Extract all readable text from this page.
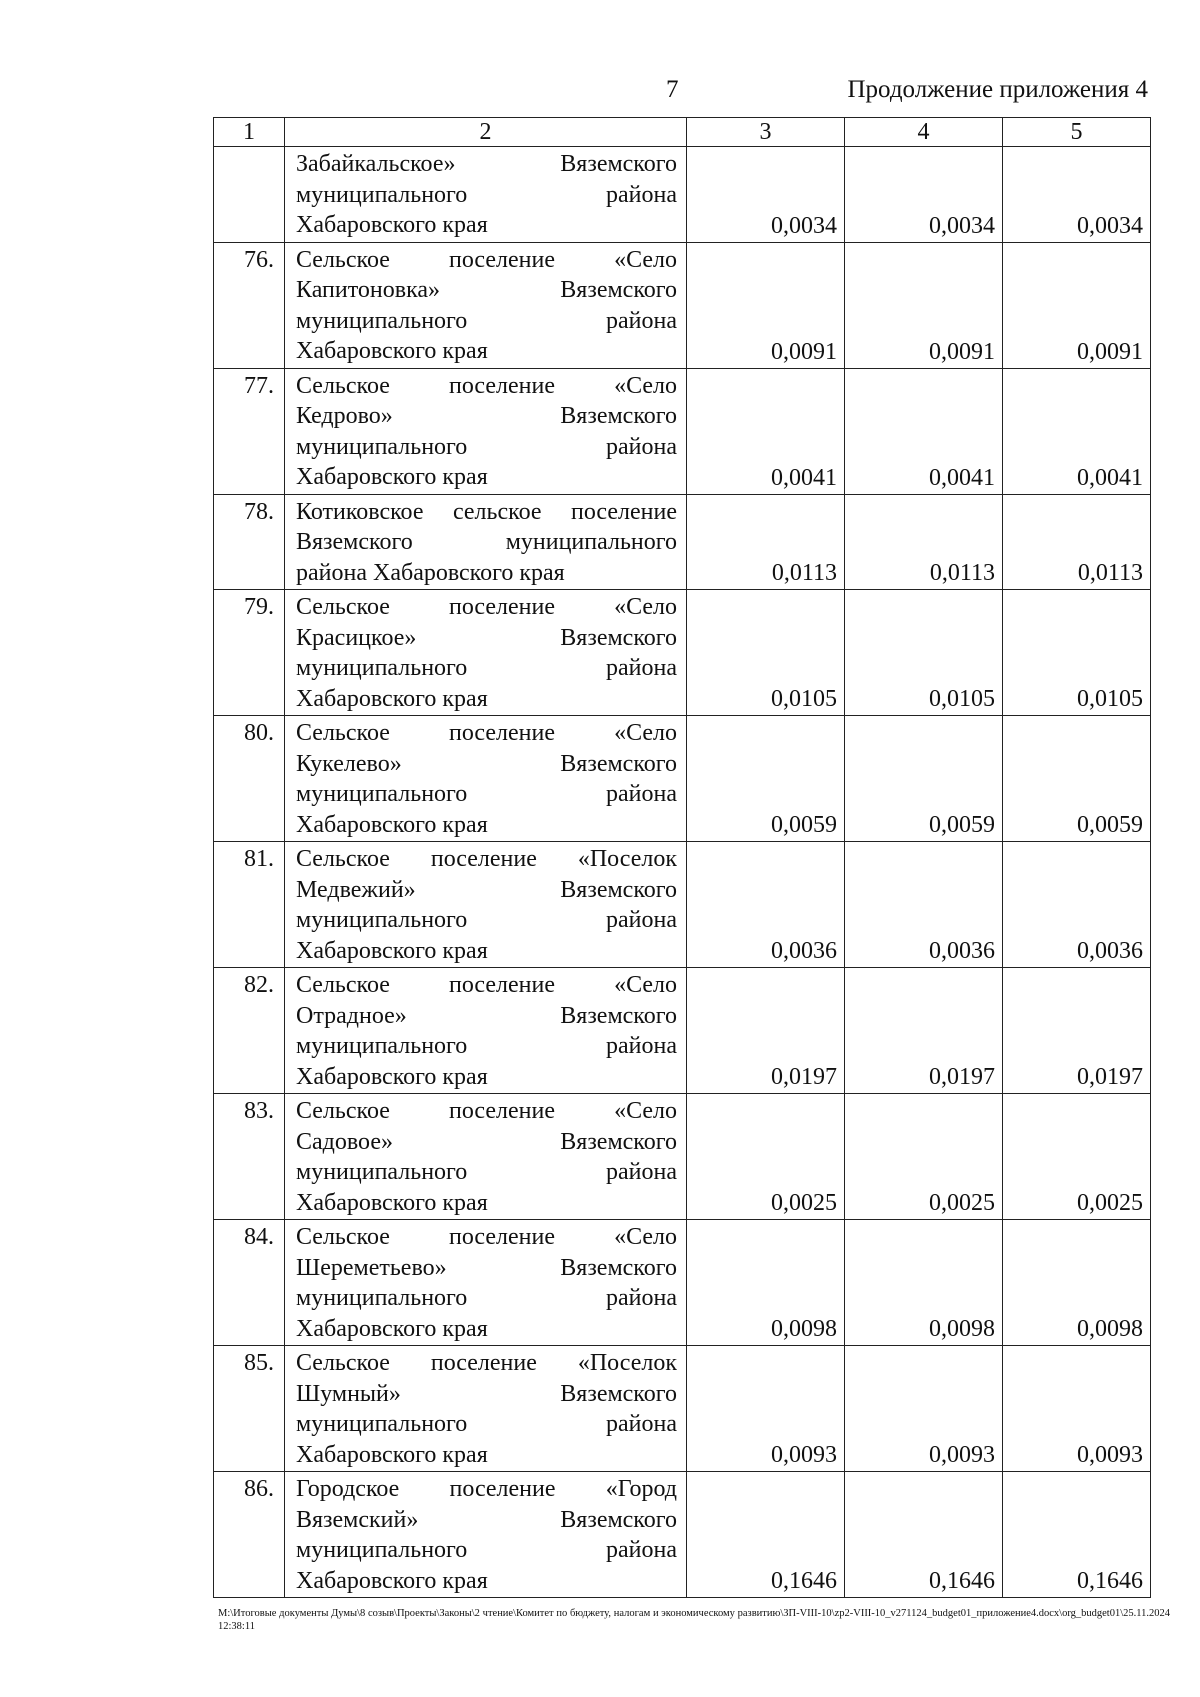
7	Продолжение приложения 4
1	2	3	4	5

	Забайкальское» Вяземского
муниципального района
Хабаровского края	0,0034	0,0034	0,0034
76.	Сельское поселение «Село
Капитоновка» Вяземского
муниципального района
Хабаровского края	0,0091	0,0091	0,0091
77.	Сельское поселение «Село
Кедрово» Вяземского
муниципального района
Хабаровского края	0,0041	0,0041	0,0041
78.	Котиковское сельское поселение
Вяземского муниципального
района Хабаровского края	0,0113	0,0113	0,0113
79.	Сельское поселение «Село
Красицкое» Вяземского
муниципального района
Хабаровского края	0,0105	0,0105	0,0105
80.	Сельское поселение «Село
Кукелево» Вяземского
муниципального района
Хабаровского края	0,0059	0,0059	0,0059
81.	Сельское поселение «Поселок
Медвежий» Вяземского
муниципального района
Хабаровского края	0,0036	0,0036	0,0036
82.	Сельское поселение «Село
Отрадное» Вяземского
муниципального района
Хабаровского края	0,0197	0,0197	0,0197
83.	Сельское поселение «Село
Садовое» Вяземского
муниципального района
Хабаровского края	0,0025	0,0025	0,0025
84.	Сельское поселение «Село
Шереметьево» Вяземского
муниципального района
Хабаровского края	0,0098	0,0098	0,0098
85.	Сельское поселение «Поселок
Шумный» Вяземского
муниципального района
Хабаровского края	0,0093	0,0093	0,0093
86.	Городское поселение «Город
Вяземский» Вяземского
муниципального района
Хабаровского края	0,1646	0,1646	0,1646
M:\Итоговые документы Думы\8 созыв\Проекты\Законы\2 чтение\Комитет по бюджету, налогам и экономическому развитию\ЗП-VIII-10\zp2-VIII-10_v271124_budget01_приложение4.docx\org_budget01\25.11.2024 12:38:11
